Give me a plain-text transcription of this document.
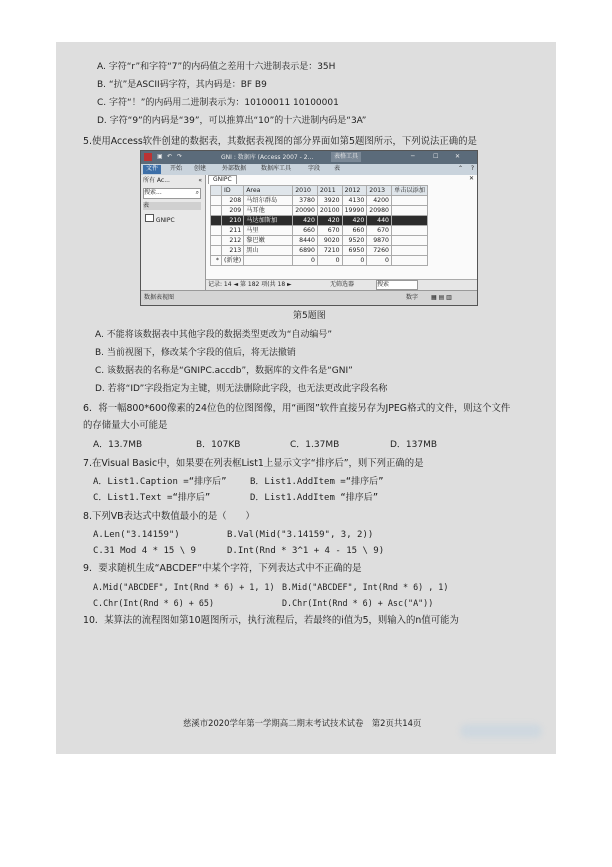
A. 字符“r”和字符“7”的内码值之差用十六进制表示是：35H
B. “抗”是ASCII码字符，其内码是：BF B9
C. 字符“！”的内码用二进制表示为：10100011 10100001
D. 字符“9”的内码是“39”，可以推算出“10”的十六进制内码是“3A”
5.使用Access软件创建的数据表，其数据表视图的部分界面如第5题图所示，下列说法正确的是
▣ ↶ ↷	GNI : 数据库 (Access 2007 - 2...	表格工具	─	☐	✕
文件	开始	创建	外部数据	数据库工具	字段	表	⌃ ?
所有 Ac...	«
搜索...	⌕
表
GNIPC
GNIPC	✕
	ID	Area	2010	2011	2012	2013	单击以添加
	208	马绍尔群岛	3780	3920	4130	4200	
	209	马耳他	20090	20100	19990	20980	
	210	马达加斯加	420	420	420	440	
	211	马里	660	670	660	670	
	212	黎巴嫩	8440	9020	9520	9870	
	213	黑山	6890	7210	6950	7260	
*	(新建)		0	0	0	0	
记录: 14 ◄ 第 182 项(共 18 ►	无筛选器	搜索
数据表视图	数字 ▦ ▤ ▥
第5题图
A. 不能将该数据表中其他字段的数据类型更改为“自动编号”
B. 当前视图下，修改某个字段的值后，将无法撤销
C. 该数据表的名称是“GNIPC.accdb”，数据库的文件名是“GNI”
D. 若将“ID”字段指定为主键，则无法删除此字段，也无法更改此字段名称
6．将一幅800*600像素的24位色的位图图像，用“画图”软件直接另存为JPEG格式的文件，则这个文件
的存储量大小可能是
A．13.7MB	B．107KB	C．1.37MB	D．137MB
7.在Visual Basic中，如果要在列表框List1上显示文字“排序后”，则下列正确的是
A．List1.Caption =“排序后”	B．List1.AddItem =“排序后”
C．List1.Text =“排序后”	D．List1.AddItem “排序后”
8.下列VB表达式中数值最小的是（　　）
A.Len("3.14159")	B.Val(Mid("3.14159", 3, 2))
C.31 Mod 4 * 15 \ 9	D.Int(Rnd * 3^1 + 4 - 15 \ 9)
9．要求随机生成“ABCDEF”中某个字符，下列表达式中不正确的是
A.Mid("ABCDEF", Int(Rnd * 6) + 1, 1) B.Mid("ABCDEF", Int(Rnd * 6) , 1)
C.Chr(Int(Rnd * 6) + 65)	D.Chr(Int(Rnd * 6) + Asc("A"))
10．某算法的流程图如第10题图所示，执行流程后，若最终的i值为5，则输入的n值可能为
慈溪市2020学年第一学期高二期末考试技术试卷　第2页共14页
